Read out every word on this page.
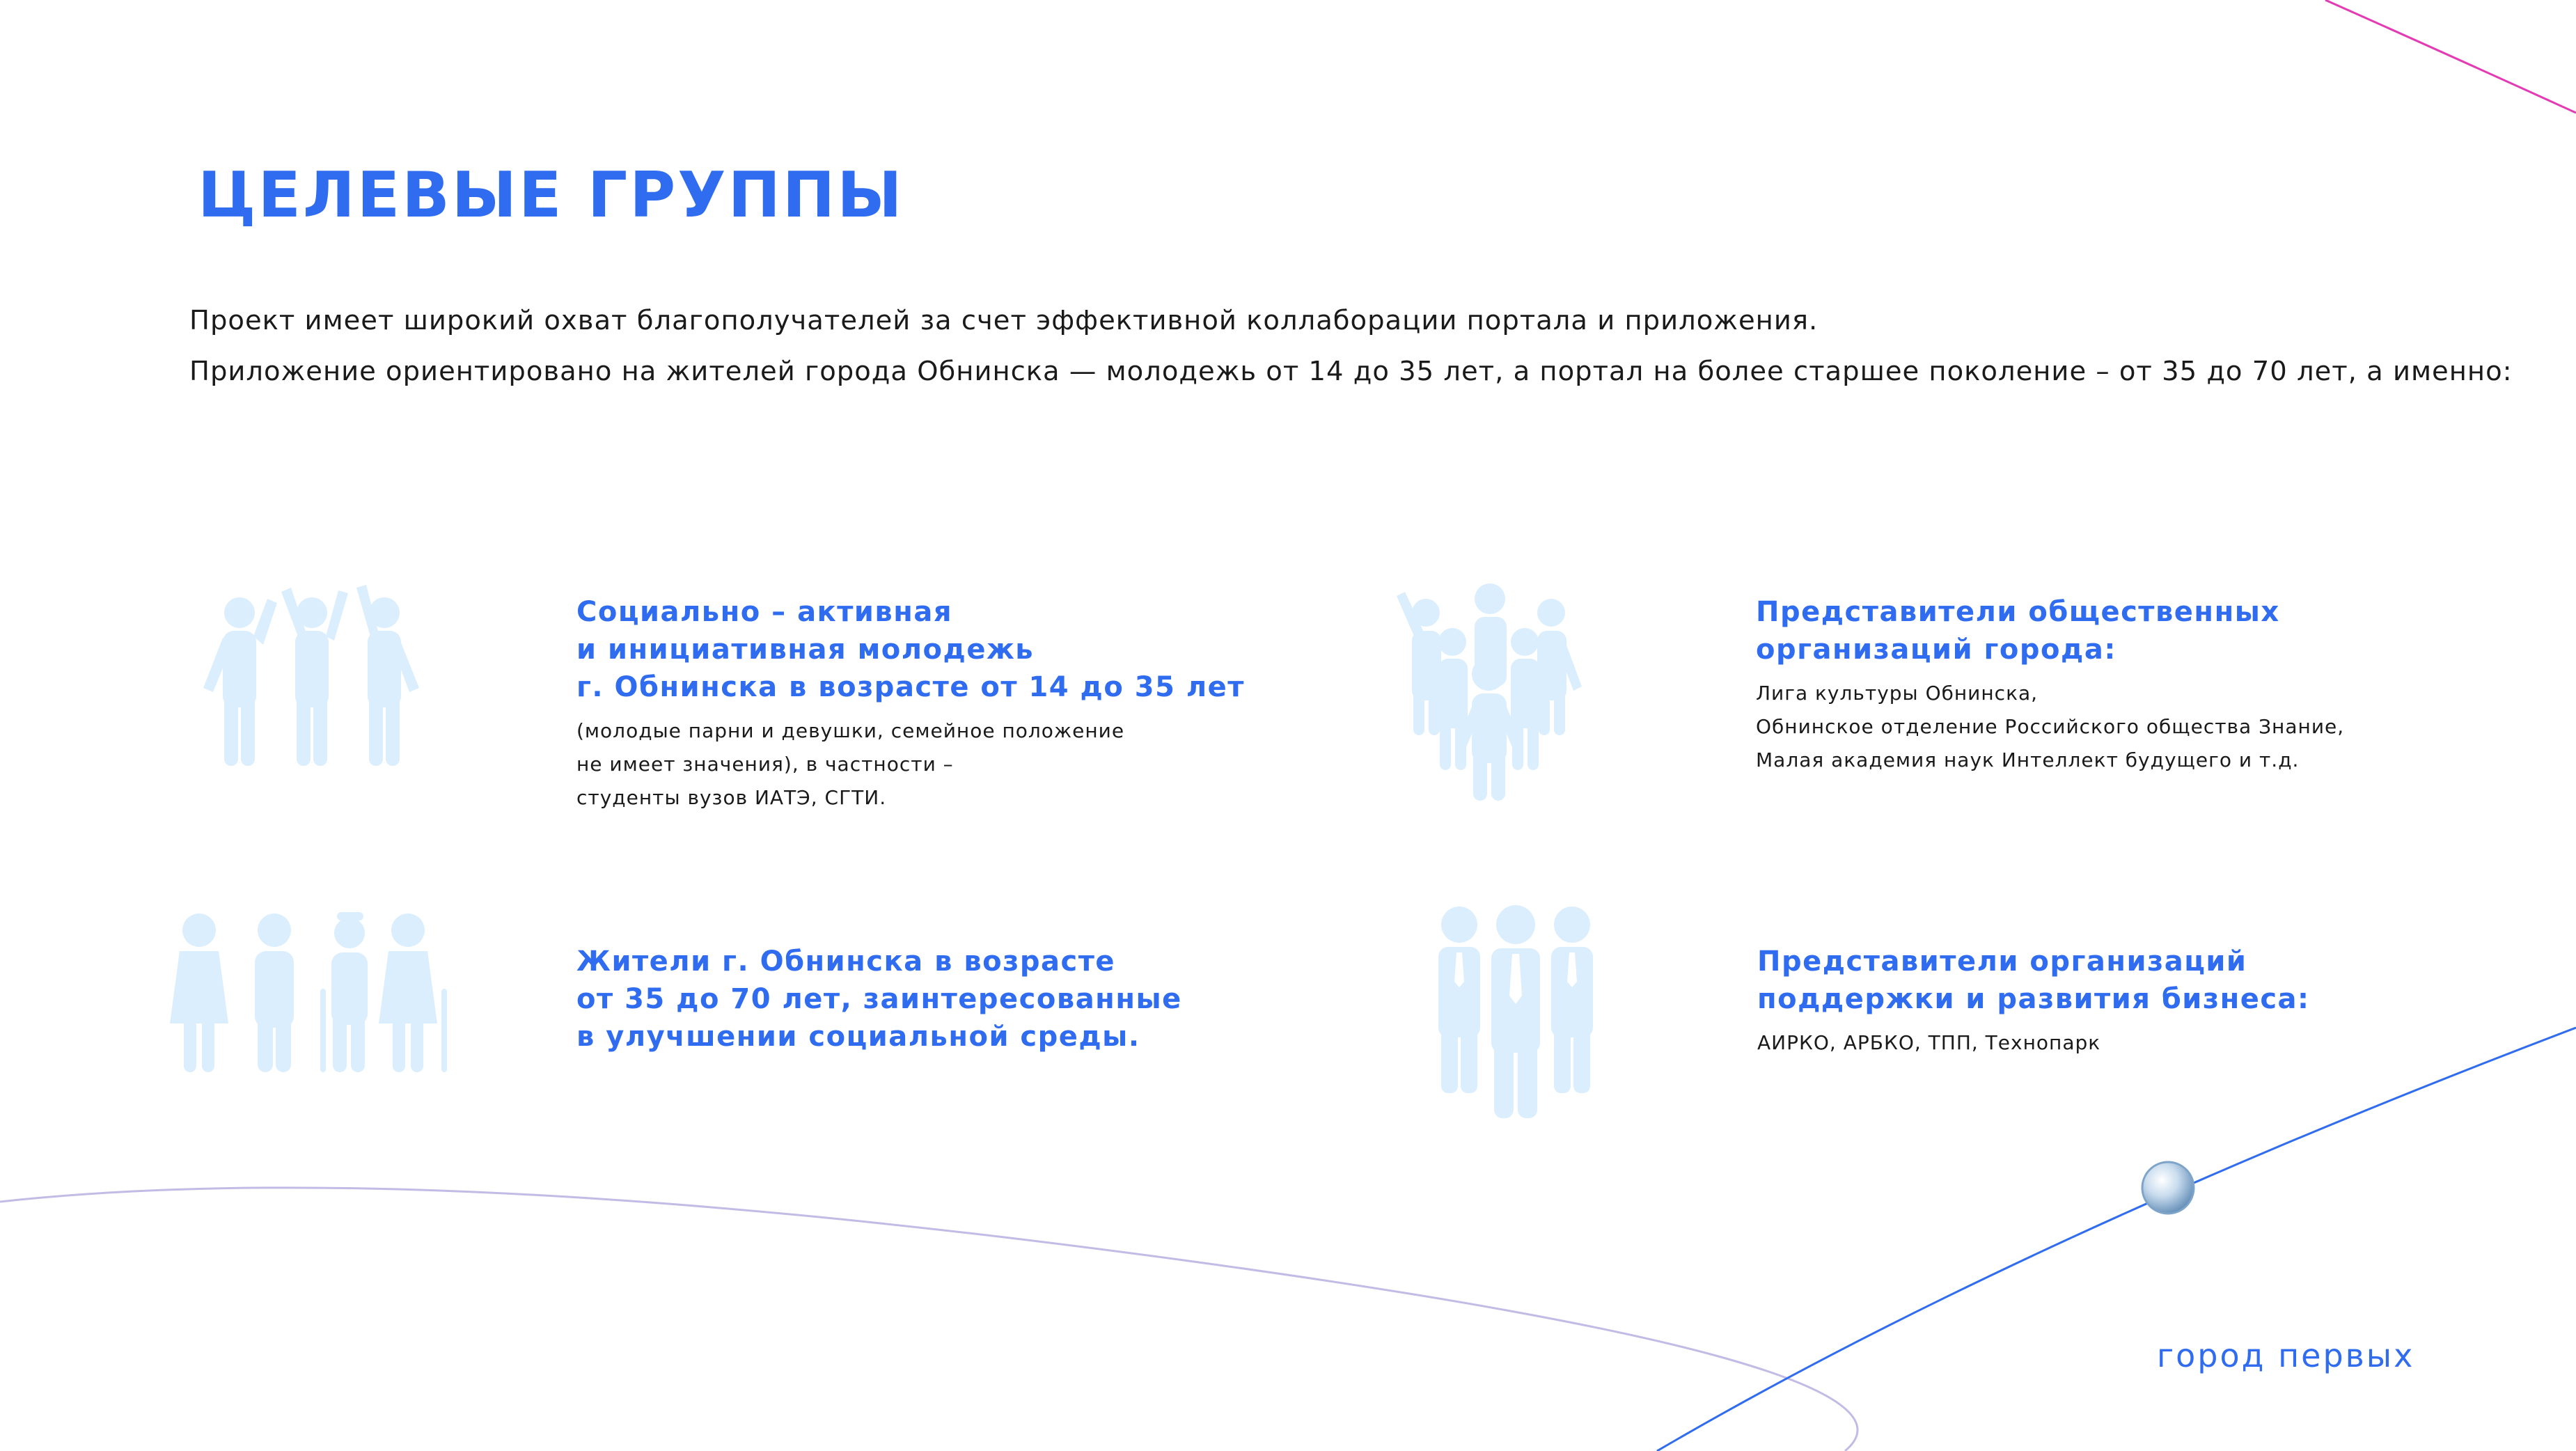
ЦЕЛЕВЫЕ ГРУППЫ

Проект имеет широкий охват благополучателей за счет эффективной коллаборации портала и приложения.

Приложение ориентировано на жителей города Обнинска — молодежь от 14 до 35 лет, а портал на более старшее поколение – от 35 до 70 лет, а именно:

Социально – активная
и инициативная молодежь
г. Обнинска в возрасте от 14 до 35 лет

(молодые парни и девушки, семейное положение
не имеет значения), в частности –
студенты вузов ИАТЭ, СГТИ.

Представители общественных
организаций города:

Лига культуры Обнинска,
Обнинское отделение Российского общества Знание,
Малая академия наук Интеллект будущего и т.д.

Жители г. Обнинска в возрасте
от 35 до 70 лет, заинтересованные
в улучшении социальной среды.

Представители организаций
поддержки и развития бизнеса:

АИРКО, АРБКО, ТПП, Технопарк

город первых
